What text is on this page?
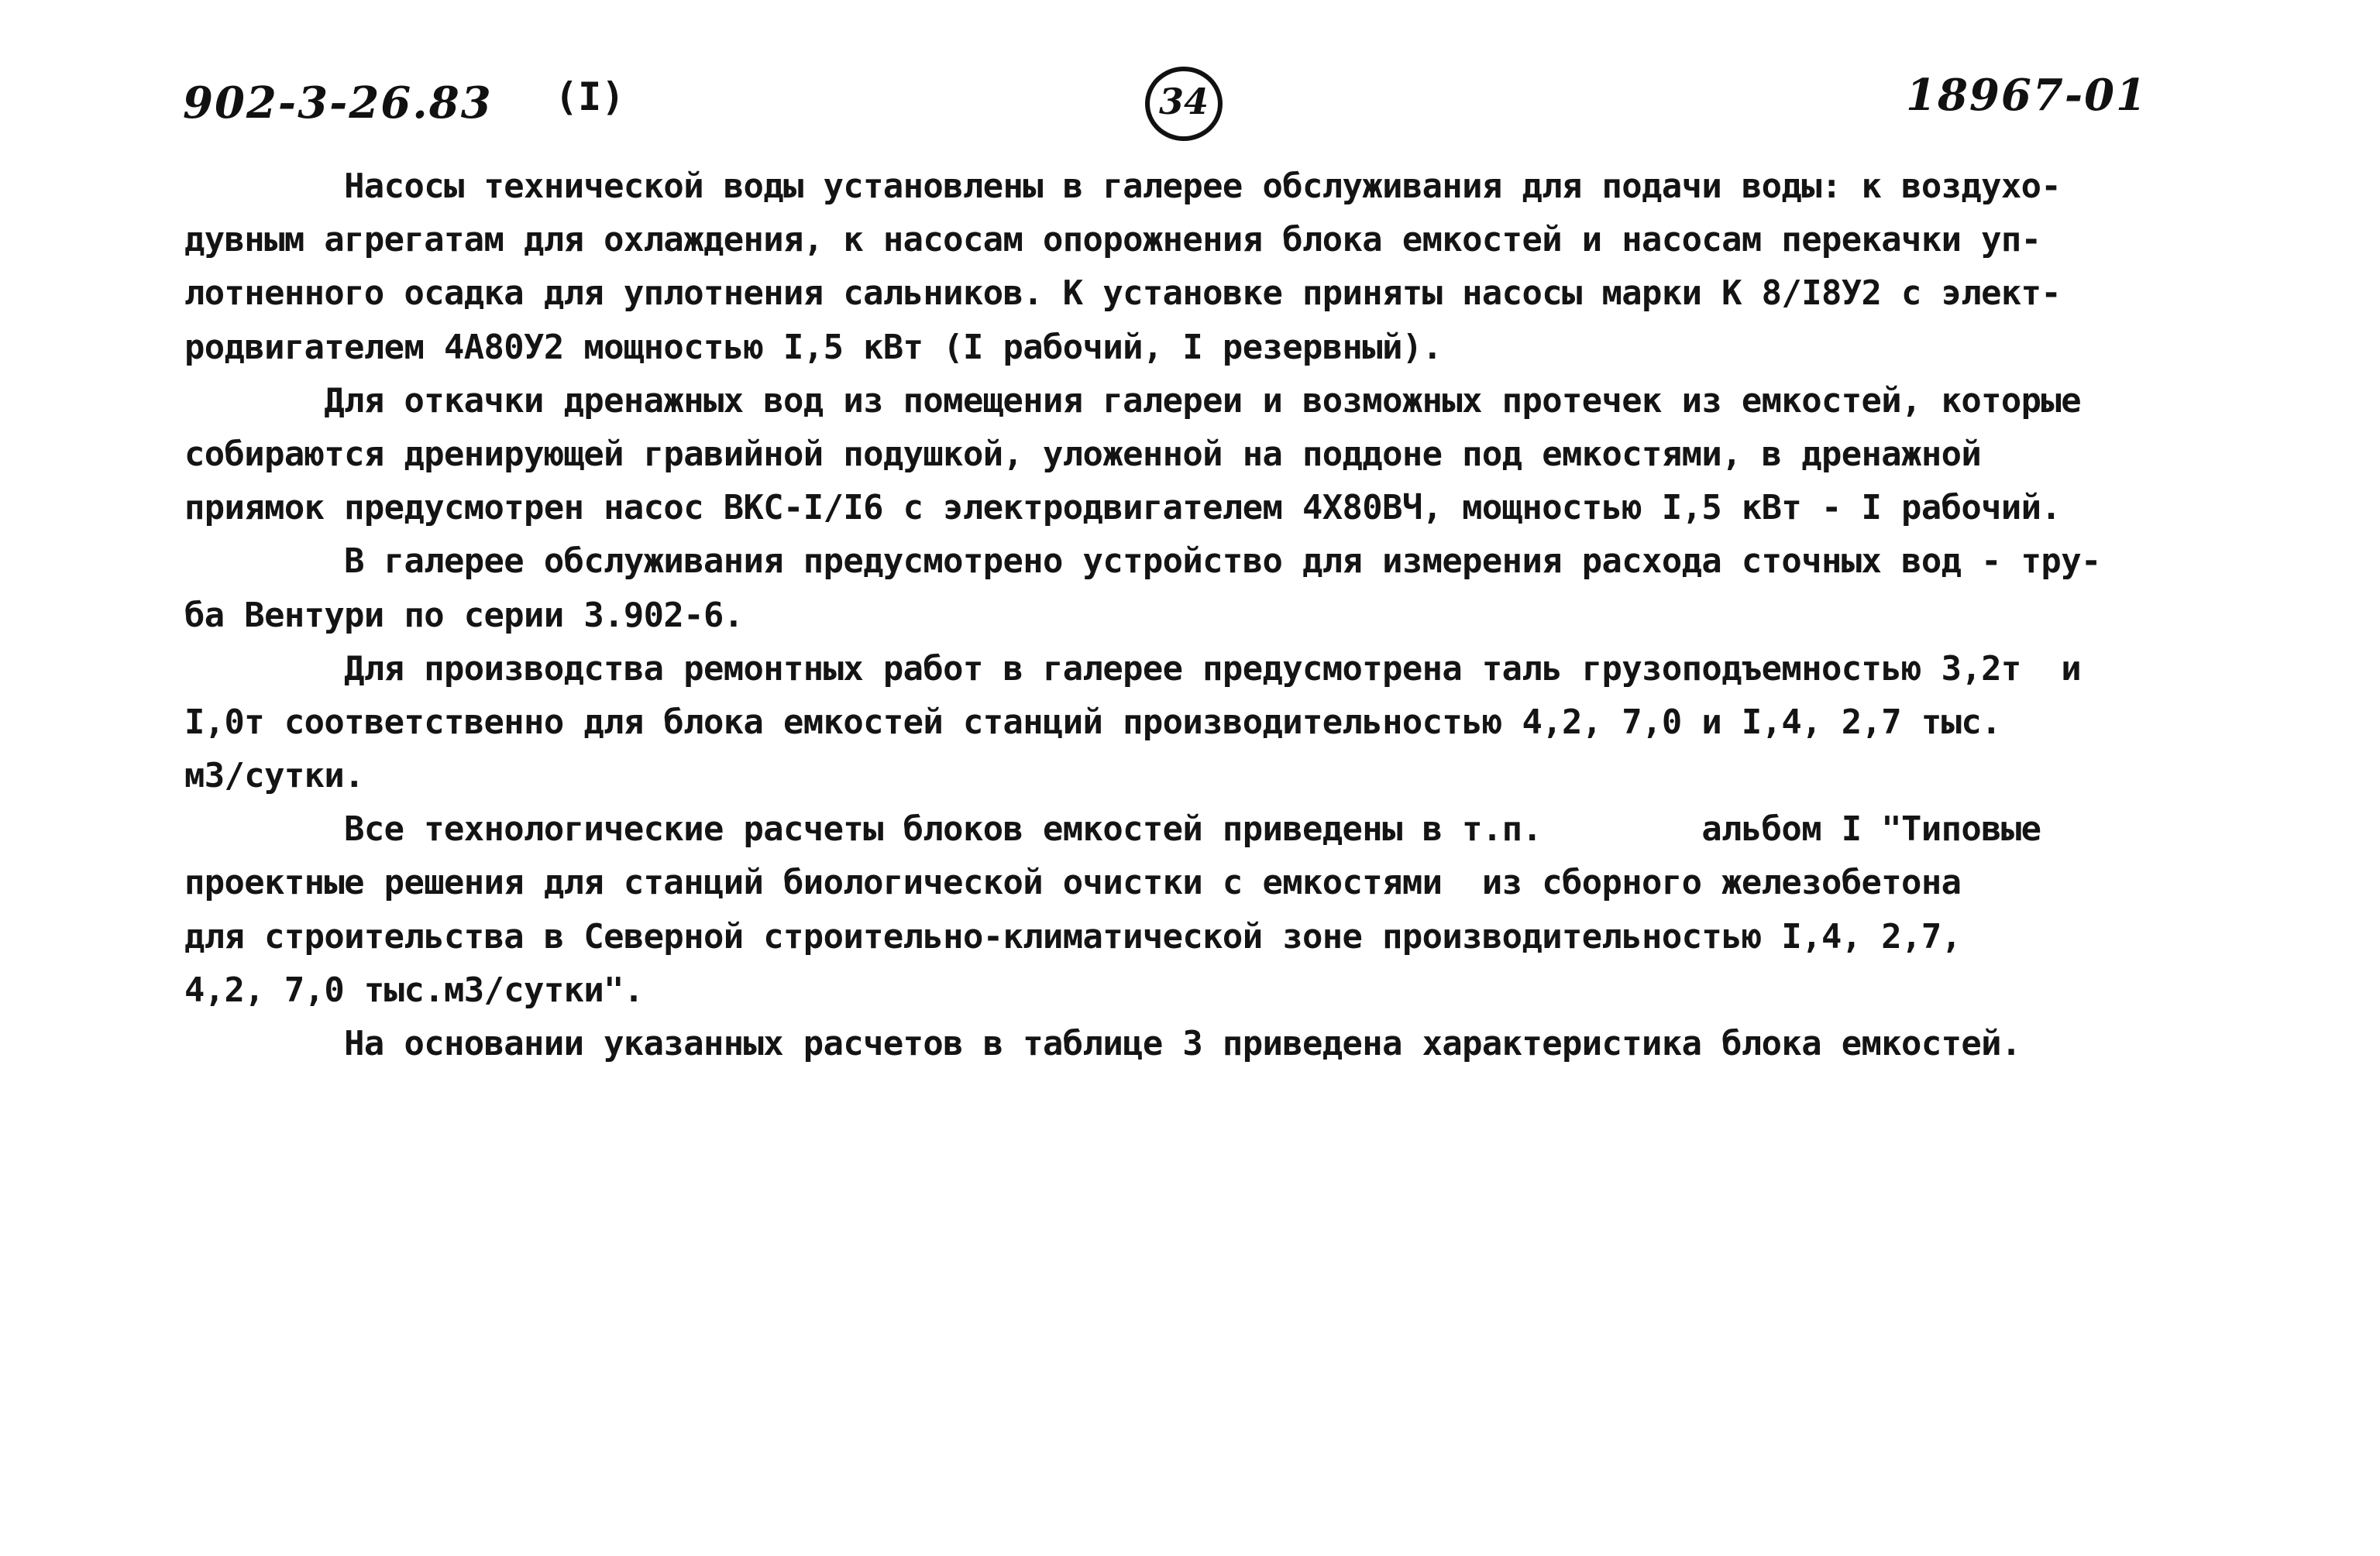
902-3-26.83 (I)	34	18967-01
Насосы технической воды установлены в галерее обслуживания для подачи воды: к воздухо-
дувным агрегатам для охлаждения, к насосам опорожнения блока емкостей и насосам перекачки уп-
лотненного осадка для уплотнения сальников. К установке приняты насосы марки К 8/I8У2 с элект-
родвигателем 4А80У2 мощностью I,5 кВт (I рабочий, I резервный).
Для откачки дренажных вод из помещения галереи и возможных протечек из емкостей, которые
собираются дренирующей гравийной подушкой, уложенной на поддоне под емкостями, в дренажной
приямок предусмотрен насос ВКС-I/I6 с электродвигателем 4Х80ВЧ, мощностью I,5 кВт - I рабочий.
В галерее обслуживания предусмотрено устройство для измерения расхода сточных вод - тру-
ба Вентури по серии 3.902-6.
Для производства ремонтных работ в галерее предусмотрена таль грузоподъемностью 3,2т  и
I,0т соответственно для блока емкостей станций производительностью 4,2, 7,0 и I,4, 2,7 тыс.
м3/сутки.
Все технологические расчеты блоков емкостей приведены в т.п.        альбом I "Типовые
проектные решения для станций биологической очистки с емкостями  из сборного железобетона
для строительства в Северной строительно-климатической зоне производительностью I,4, 2,7,
4,2, 7,0 тыс.м3/сутки".
На основании указанных расчетов в таблице 3 приведена характеристика блока емкостей.
